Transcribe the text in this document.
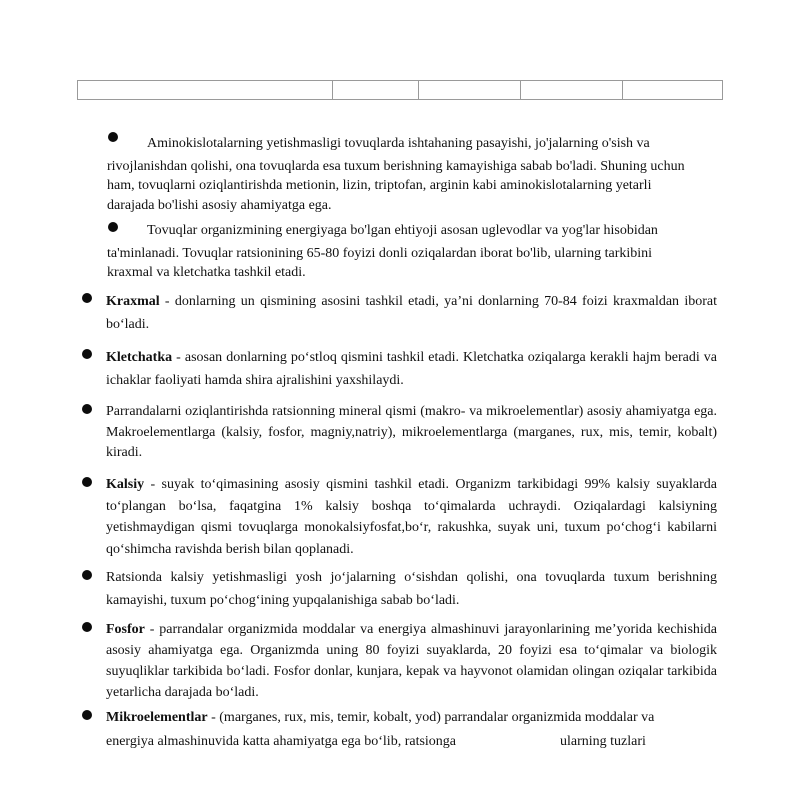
Aminokislotalarning yetishmasligi tovuqlarda ishtahaning pasayishi, jo'jalarning o'sish va

rivojlanishdan qolishi, ona tovuqlarda esa tuxum berishning kamayishiga sabab bo'ladi. Shuning uchun ham, tovuqlarni oziqlantirishda metionin, lizin, triptofan, arginin kabi aminokislotalarning yetarli darajada bo'lishi asosiy ahamiyatga ega.

Tovuqlar organizmining energiyaga bo'lgan ehtiyoji asosan uglevodlar va yog'lar hisobidan

ta'minlanadi. Tovuqlar ratsionining 65-80 foyizi donli oziqalardan iborat bo'lib, ularning tarkibini kraxmal va kletchatka tashkil etadi.

Kraxmal - donlarning un qismining asosini tashkil etadi, ya’ni donlarning 70-84 foizi kraxmaldan iborat bo‘ladi.
Kletchatka - asosan donlarning po‘stloq qismini tashkil etadi. Kletchatka oziqalarga kerakli hajm beradi va ichaklar faoliyati hamda shira ajralishini yaxshilaydi.
Parrandalarni oziqlantirishda ratsionning mineral qismi (makro- va mikroelementlar) asosiy ahamiyatga ega. Makroelementlarga (kalsiy, fosfor, magniy,natriy), mikroelementlarga (marganes, rux, mis, temir, kobalt) kiradi.
Kalsiy - suyak to‘qimasining asosiy qismini tashkil etadi. Organizm tarkibidagi 99% kalsiy suyaklarda to‘plangan bo‘lsa, faqatgina 1% kalsiy boshqa to‘qimalarda uchraydi. Oziqalardagi kalsiyning yetishmaydigan qismi tovuqlarga monokalsiyfosfat,bo‘r, rakushka, suyak uni, tuxum po‘chog‘i kabilarni qo‘shimcha ravishda berish bilan qoplanadi.
Ratsionda kalsiy yetishmasligi yosh jo‘jalarning o‘sishdan qolishi, ona tovuqlarda tuxum berishning kamayishi, tuxum po‘chog‘ining yupqalanishiga sabab bo‘ladi.
Fosfor - parrandalar organizmida moddalar va energiya almashinuvi jarayonlarining me’yorida kechishida asosiy ahamiyatga ega. Organizmda uning 80 foyizi suyaklarda, 20 foyizi esa to‘qimalar va biologik suyuqliklar tarkibida bo‘ladi. Fosfor donlar, kunjara, kepak va hayvonot olamidan olingan oziqalar tarkibida yetarlicha darajada bo‘ladi.
Mikroelementlar - (marganes, rux, mis, temir, kobalt, yod) parrandalar organizmida moddalar va
energiya almashinuvida katta ahamiyatga ega bo‘lib, ratsionga	ularning tuzlari
